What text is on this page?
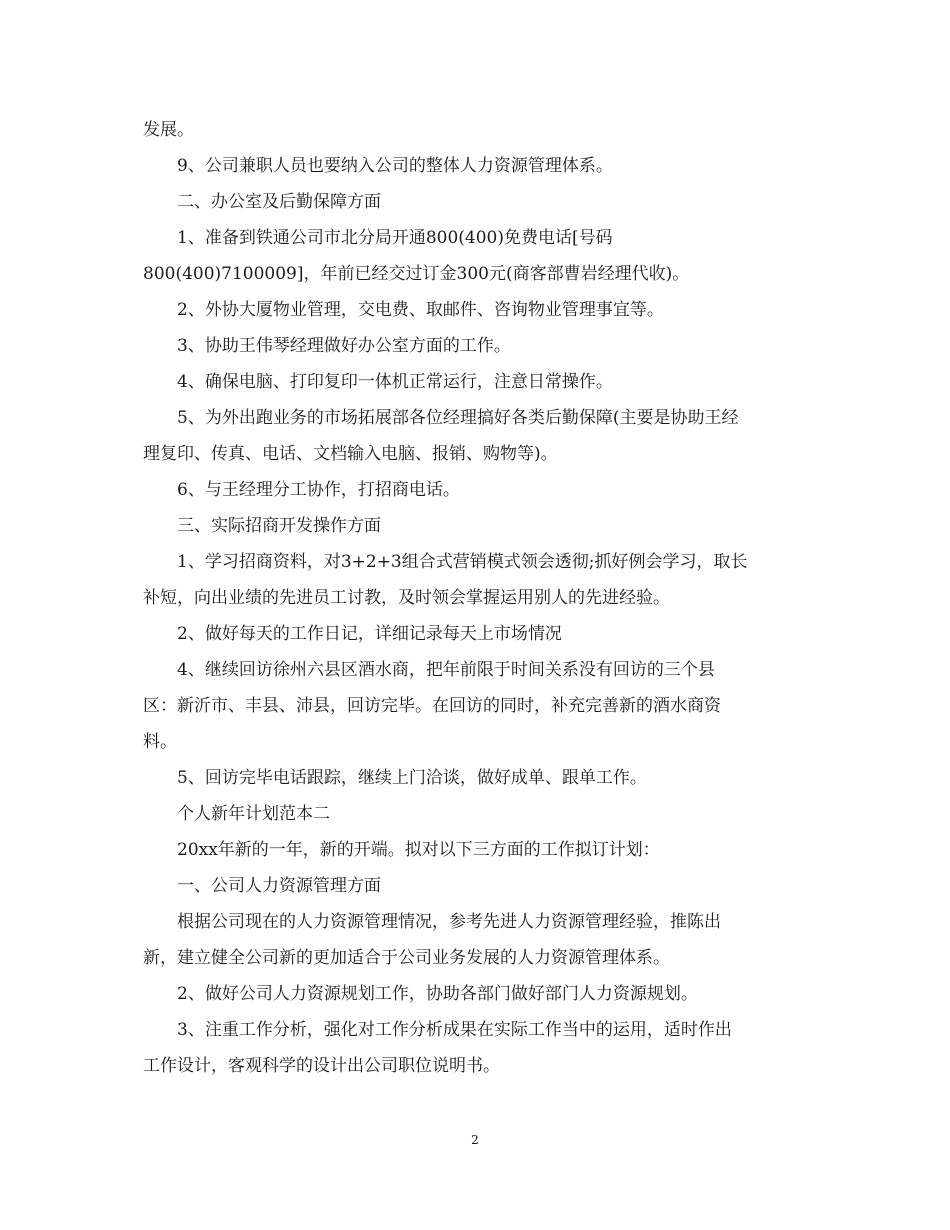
发展。
9、公司兼职人员也要纳入公司的整体人力资源管理体系。
二、办公室及后勤保障方面
1、准备到铁通公司市北分局开通800(400)免费电话[号码
800(400)7100009]，年前已经交过订金300元(商客部曹岩经理代收)。
2、外协大厦物业管理，交电费、取邮件、咨询物业管理事宜等。
3、协助王伟琴经理做好办公室方面的工作。
4、确保电脑、打印复印一体机正常运行，注意日常操作。
5、为外出跑业务的市场拓展部各位经理搞好各类后勤保障(主要是协助王经
理复印、传真、电话、文档输入电脑、报销、购物等)。
6、与王经理分工协作，打招商电话。
三、实际招商开发操作方面
1、学习招商资料，对3+2+3组合式营销模式领会透彻;抓好例会学习，取长
补短，向出业绩的先进员工讨教，及时领会掌握运用别人的先进经验。
2、做好每天的工作日记，详细记录每天上市场情况
4、继续回访徐州六县区酒水商，把年前限于时间关系没有回访的三个县
区：新沂市、丰县、沛县，回访完毕。在回访的同时，补充完善新的酒水商资
料。
5、回访完毕电话跟踪，继续上门洽谈，做好成单、跟单工作。
个人新年计划范本二
20xx年新的一年，新的开端。拟对以下三方面的工作拟订计划：
一、公司人力资源管理方面
根据公司现在的人力资源管理情况，参考先进人力资源管理经验，推陈出
新，建立健全公司新的更加适合于公司业务发展的人力资源管理体系。
2、做好公司人力资源规划工作，协助各部门做好部门人力资源规划。
3、注重工作分析，强化对工作分析成果在实际工作当中的运用，适时作出
工作设计，客观科学的设计出公司职位说明书。
2
